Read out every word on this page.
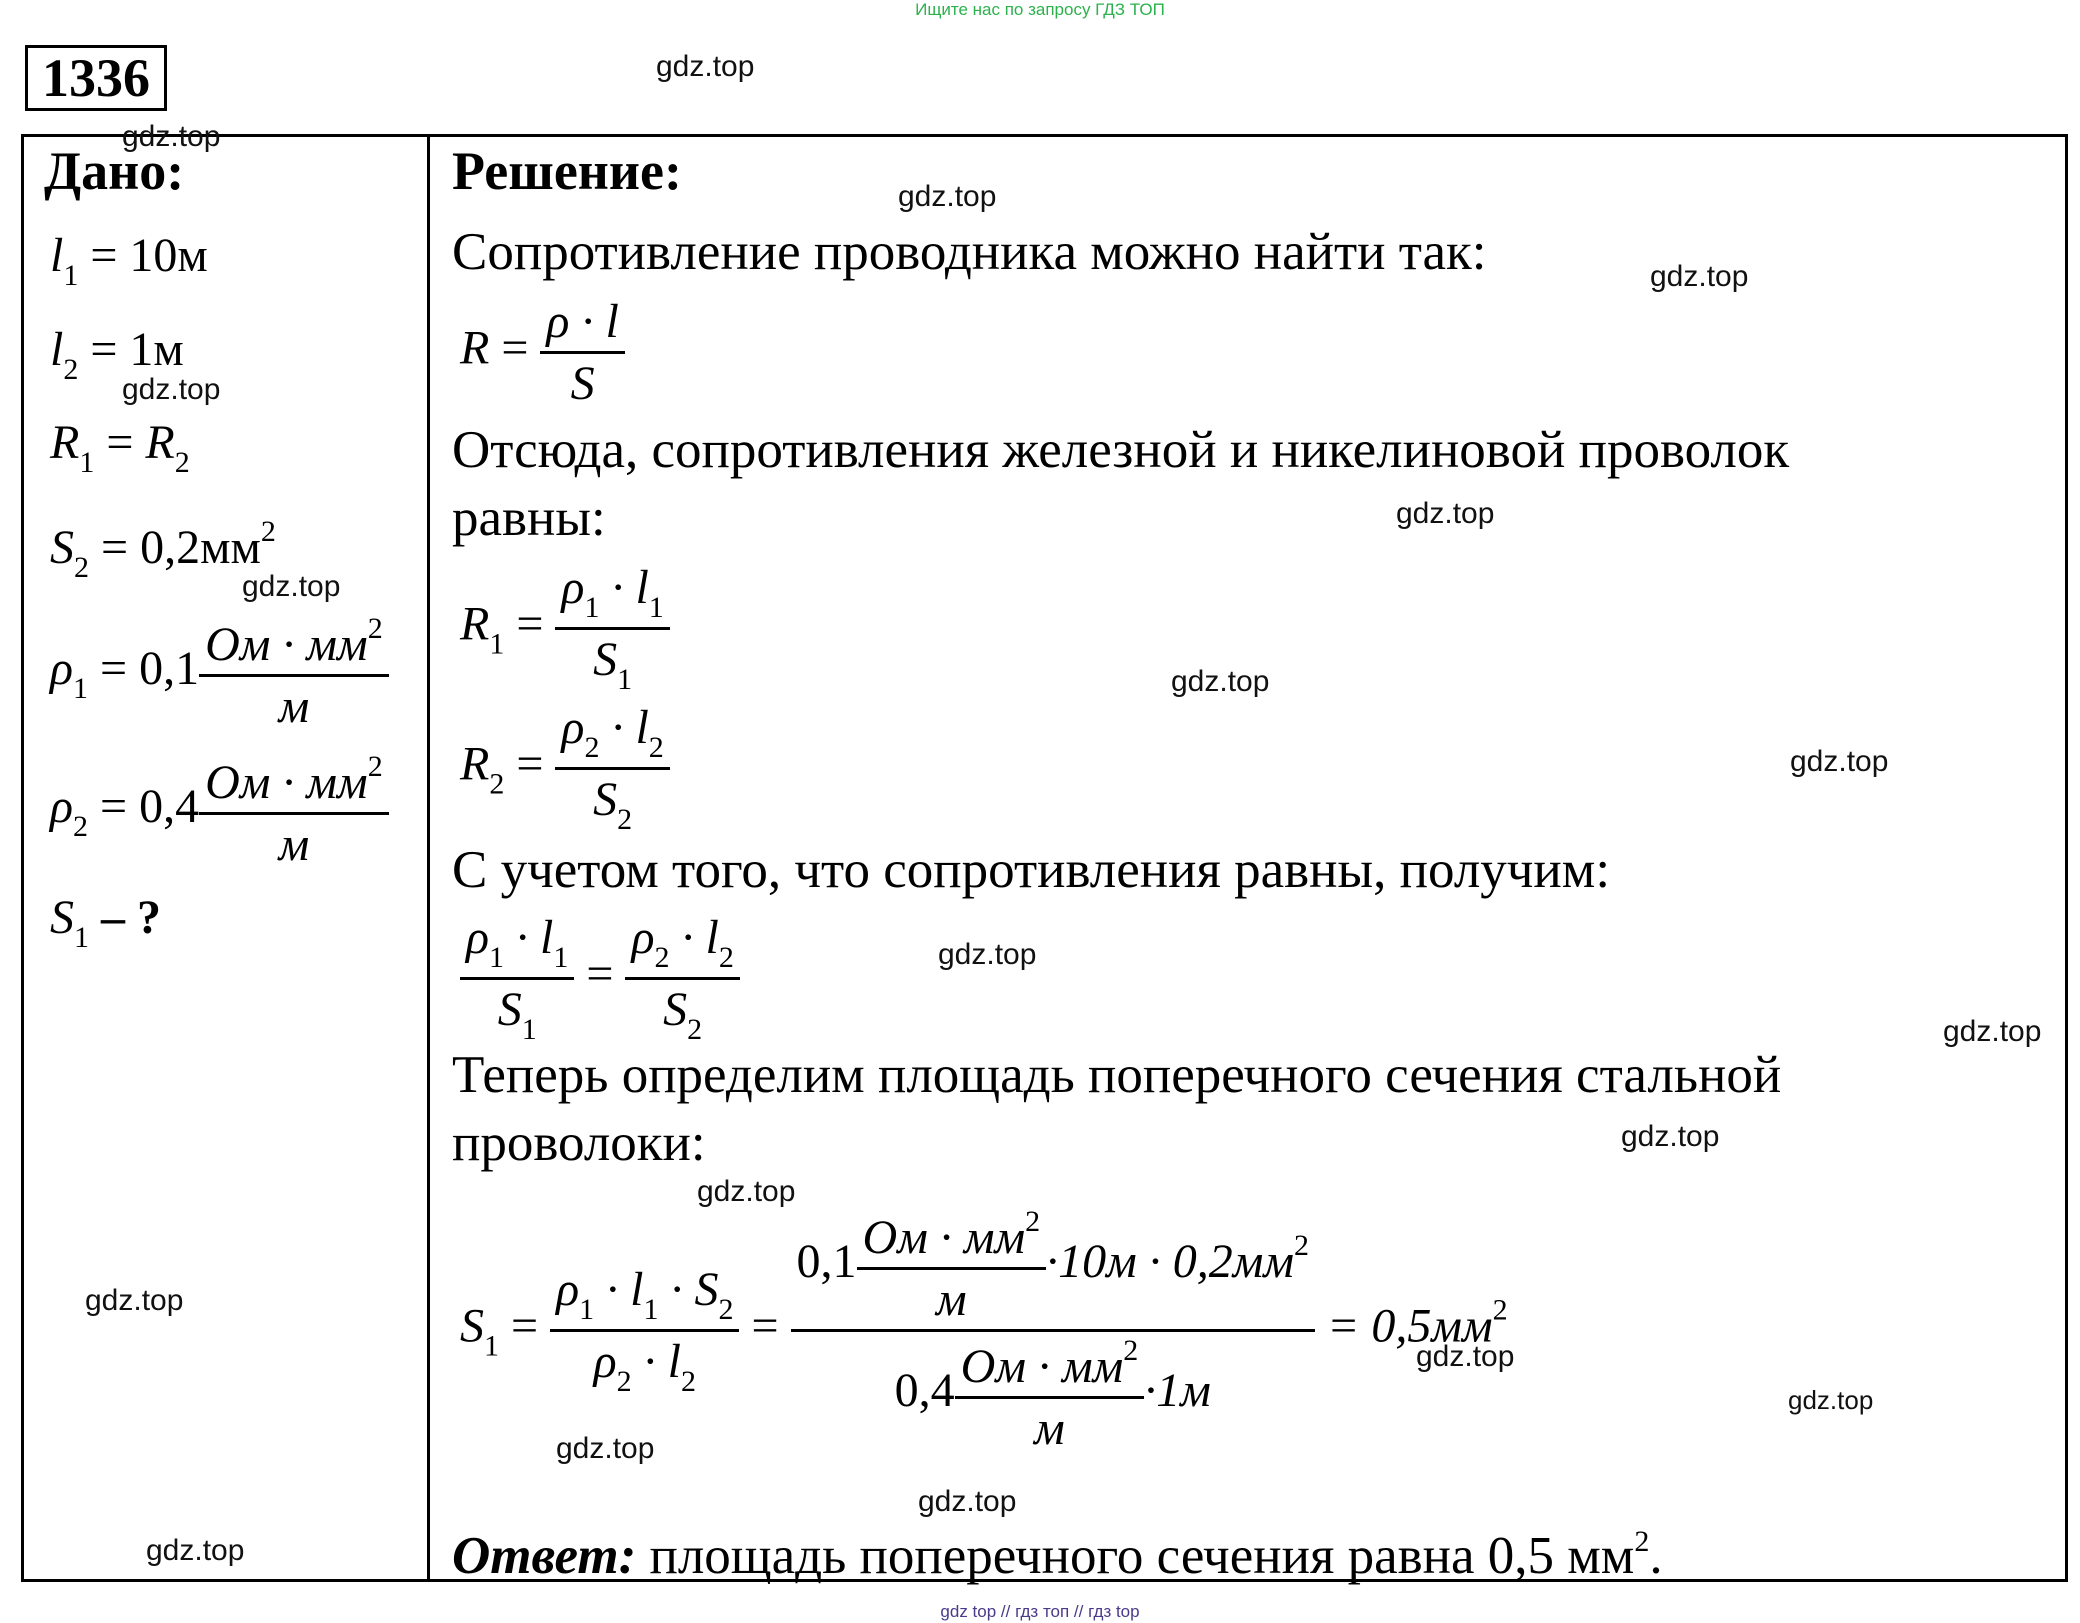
Ищите нас по запросу ГДЗ ТОП
1336	gdz.top
gdz.top
gdz.top
gdz.top
gdz.top
gdz.top
gdz.top
gdz.top
gdz.top
gdz.top
gdz.top
gdz.top
gdz.top
gdz.top
gdz.top
gdz.top
gdz.top
gdz.top
gdz.top
Дано:
$l_1 = 10м$
$l_2 = 1м$
$R_1 = R_2$
$S_2 = 0,2мм^2$
$\rho_1 = 0,1 \frac{Ом \cdot мм^2}{м}$
$\rho_2 = 0,4 \frac{Ом \cdot мм^2}{м}$
$S_1$ – ?
Решение:
Сопротивление проводника можно найти так:
$R = \frac{\rho \cdot l}{S}$
Отсюда, сопротивления железной и никелиновой проволок
равны:
$R_1 = \frac{\rho_1 \cdot l_1}{S_1}$
$R_2 = \frac{\rho_2 \cdot l_2}{S_2}$
С учетом того, что сопротивления равны, получим:
$\frac{\rho_1 \cdot l_1}{S_1} = \frac{\rho_2 \cdot l_2}{S_2}$
Теперь определим площадь поперечного сечения стальной
проволоки:
$S_1 = \frac{\rho_1 \cdot l_1 \cdot S_2}{\rho_2 \cdot l_2} = \frac{0,1 \frac{Ом \cdot мм^2}{м} \cdot 10м \cdot 0,2мм^2}{0,4 \frac{Ом \cdot мм^2}{м} \cdot 1м} = 0,5мм^2$
Ответ: площадь поперечного сечения равна 0,5 $мм^2$.
gdz top // гдз топ // гдз top
